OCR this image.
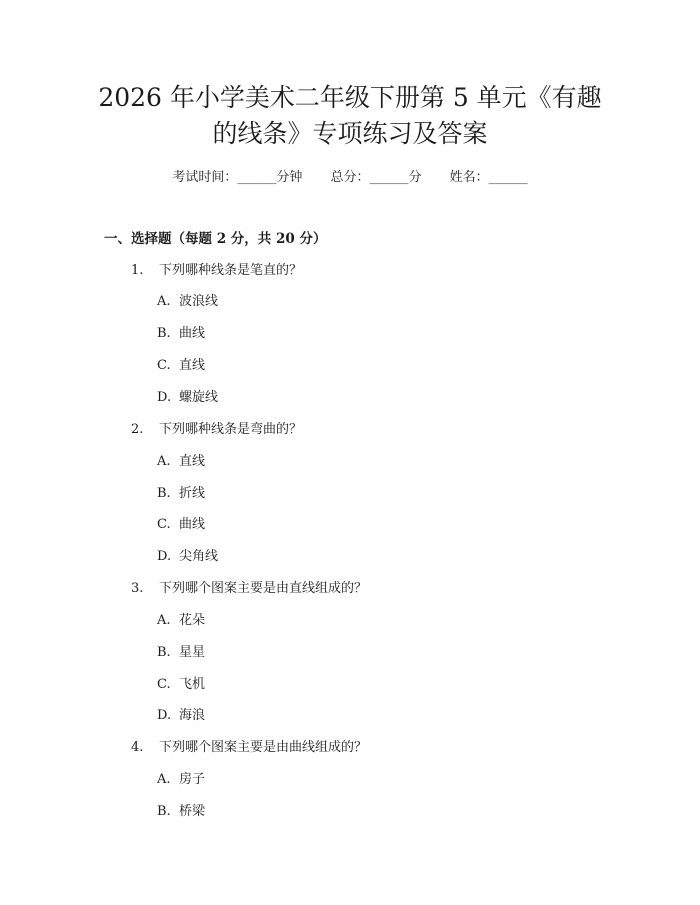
2026 年小学美术二年级下册第 5 单元《有趣
的线条》专项练习及答案
考试时间：______分钟 总分：______分 姓名：______
一、选择题（每题 2 分，共 20 分）
1. 下列哪种线条是笔直的？
A. 波浪线
B. 曲线
C. 直线
D. 螺旋线
2. 下列哪种线条是弯曲的？
A. 直线
B. 折线
C. 曲线
D. 尖角线
3. 下列哪个图案主要是由直线组成的？
A. 花朵
B. 星星
C. 飞机
D. 海浪
4. 下列哪个图案主要是由曲线组成的？
A. 房子
B. 桥梁
